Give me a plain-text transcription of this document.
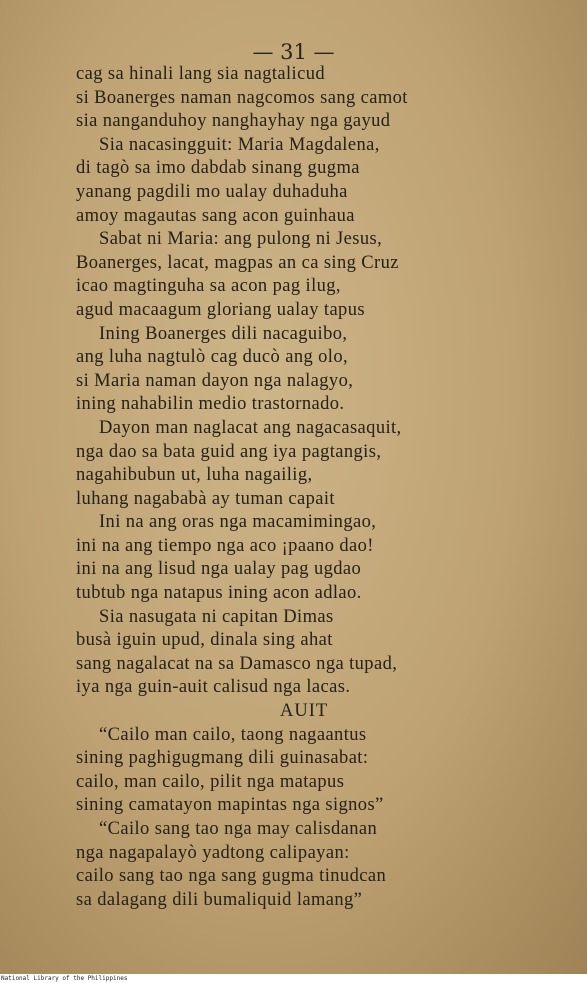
— 31 —
cag sa hinali lang sia nagtalicud
si Boanerges naman nagcomos sang camot
sia nanganduhoy nanghayhay nga gayud
Sia nacasingguit: Maria Magdalena,
di tagò sa imo dabdab sinang gugma
yanang pagdili mo ualay duhaduha
amoy magautas sang acon guinhaua
Sabat ni Maria: ang pulong ni Jesus,
Boanerges, lacat, magpas an ca sing Cruz
icao magtinguha sa acon pag ilug,
agud macaagum gloriang ualay tapus
Ining Boanerges dili nacaguibo,
ang luha nagtulò cag ducò ang olo,
si Maria naman dayon nga nalagyo,
ining nahabilin medio trastornado.
Dayon man naglacat ang nagacasaquit,
nga dao sa bata guid ang iya pagtangis,
nagahibubun ut, luha nagailig,
luhang nagababà ay tuman capait
Ini na ang oras nga macamimingao,
ini na ang tiempo nga aco ¡paano dao!
ini na ang lisud nga ualay pag ugdao
tubtub nga natapus ining acon adlao.
Sia nasugata ni capitan Dimas
busà iguin upud, dinala sing ahat
sang nagalacat na sa Damasco nga tupad,
iya nga guin-auit calisud nga lacas.
AUIT
“Cailo man cailo, taong nagaantus
sining paghigugmang dili guinasabat:
cailo, man cailo, pilit nga matapus
sining camatayon mapintas nga signos”
“Cailo sang tao nga may calisdanan
nga nagapalayò yadtong calipayan:
cailo sang tao nga sang gugma tinudcan
sa dalagang dili bumaliquid lamang”
National Library of the Philippines
